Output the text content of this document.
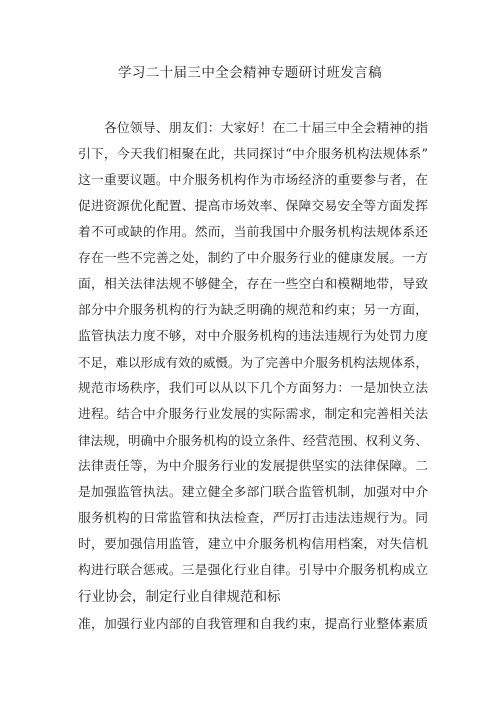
学习二十届三中全会精神专题研讨班发言稿
各位领导、朋友们：大家好！在二十届三中全会精神的指
引下，今天我们相聚在此，共同探讨“中介服务机构法规体系”
这一重要议题。中介服务机构作为市场经济的重要参与者，在
促进资源优化配置、提高市场效率、保障交易安全等方面发挥
着不可或缺的作用。然而，当前我国中介服务机构法规体系还
存在一些不完善之处，制约了中介服务行业的健康发展。一方
面，相关法律法规不够健全，存在一些空白和模糊地带，导致
部分中介服务机构的行为缺乏明确的规范和约束；另一方面，
监管执法力度不够，对中介服务机构的违法违规行为处罚力度
不足，难以形成有效的威慑。为了完善中介服务机构法规体系，
规范市场秩序，我们可以从以下几个方面努力：一是加快立法
进程。结合中介服务行业发展的实际需求，制定和完善相关法
律法规，明确中介服务机构的设立条件、经营范围、权利义务、
法律责任等，为中介服务行业的发展提供坚实的法律保障。二
是加强监管执法。建立健全多部门联合监管机制，加强对中介
服务机构的日常监管和执法检查，严厉打击违法违规行为。同
时，要加强信用监管，建立中介服务机构信用档案，对失信机
构进行联合惩戒。三是强化行业自律。引导中介服务机构成立
行业协会，制定行业自律规范和标
准，加强行业内部的自我管理和自我约束，提高行业整体素质
